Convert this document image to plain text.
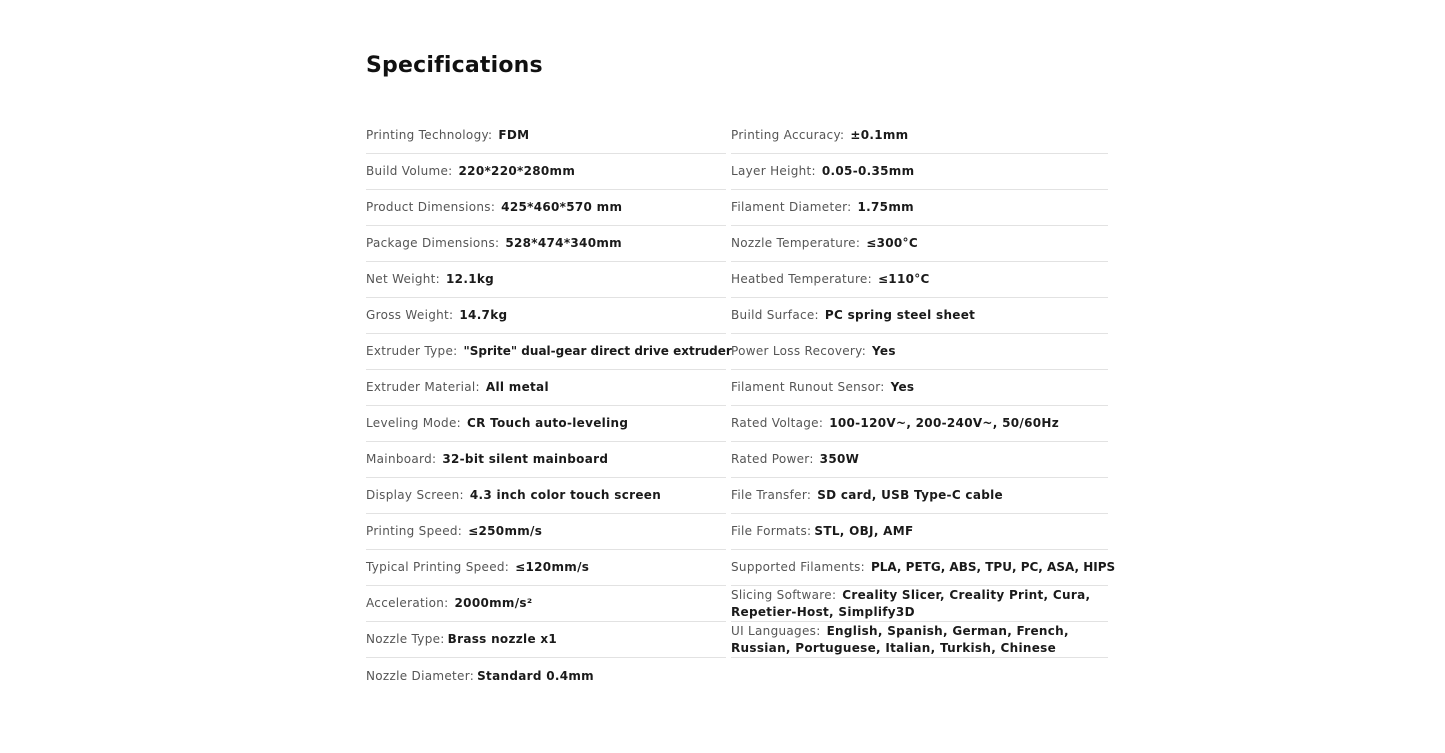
Specifications
Printing Technology: FDM
Build Volume: 220*220*280mm
Product Dimensions: 425*460*570 mm
Package Dimensions: 528*474*340mm
Net Weight: 12.1kg
Gross Weight: 14.7kg
Extruder Type: "Sprite" dual-gear direct drive extruder
Extruder Material: All metal
Leveling Mode: CR Touch auto-leveling
Mainboard: 32-bit silent mainboard
Display Screen: 4.3 inch color touch screen
Printing Speed: ≤250mm/s
Typical Printing Speed: ≤120mm/s
Acceleration: 2000mm/s²
Nozzle Type: Brass nozzle x1
Nozzle Diameter: Standard 0.4mm
Printing Accuracy: ±0.1mm
Layer Height: 0.05-0.35mm
Filament Diameter: 1.75mm
Nozzle Temperature: ≤300°C
Heatbed Temperature: ≤110°C
Build Surface: PC spring steel sheet
Power Loss Recovery: Yes
Filament Runout Sensor: Yes
Rated Voltage: 100-120V~, 200-240V~, 50/60Hz
Rated Power: 350W
File Transfer: SD card, USB Type-C cable
File Formats: STL, OBJ, AMF
Supported Filaments: PLA, PETG, ABS, TPU, PC, ASA, HIPS
Slicing Software: Creality Slicer, Creality Print, Cura, Repetier-Host, Simplify3D
UI Languages: English, Spanish, German, French, Russian, Portuguese, Italian, Turkish, Chinese
